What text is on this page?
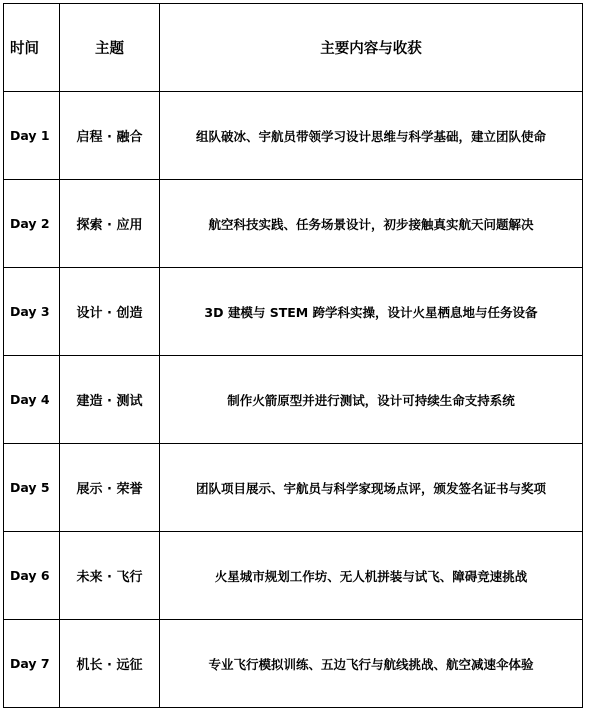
时间	主题	主要内容与收获
Day 1	启程 · 融合	组队破冰、宇航员带领学习设计思维与科学基础，建立团队使命
Day 2	探索 · 应用	航空科技实践、任务场景设计，初步接触真实航天问题解决
Day 3	设计 · 创造	3D 建模与 STEM 跨学科实操，设计火星栖息地与任务设备
Day 4	建造 · 测试	制作火箭原型并进行测试，设计可持续生命支持系统
Day 5	展示 · 荣誉	团队项目展示、宇航员与科学家现场点评，颁发签名证书与奖项
Day 6	未来 · 飞行	火星城市规划工作坊、无人机拼装与试飞、障碍竞速挑战
Day 7	机长 · 远征	专业飞行模拟训练、五边飞行与航线挑战、航空减速伞体验
